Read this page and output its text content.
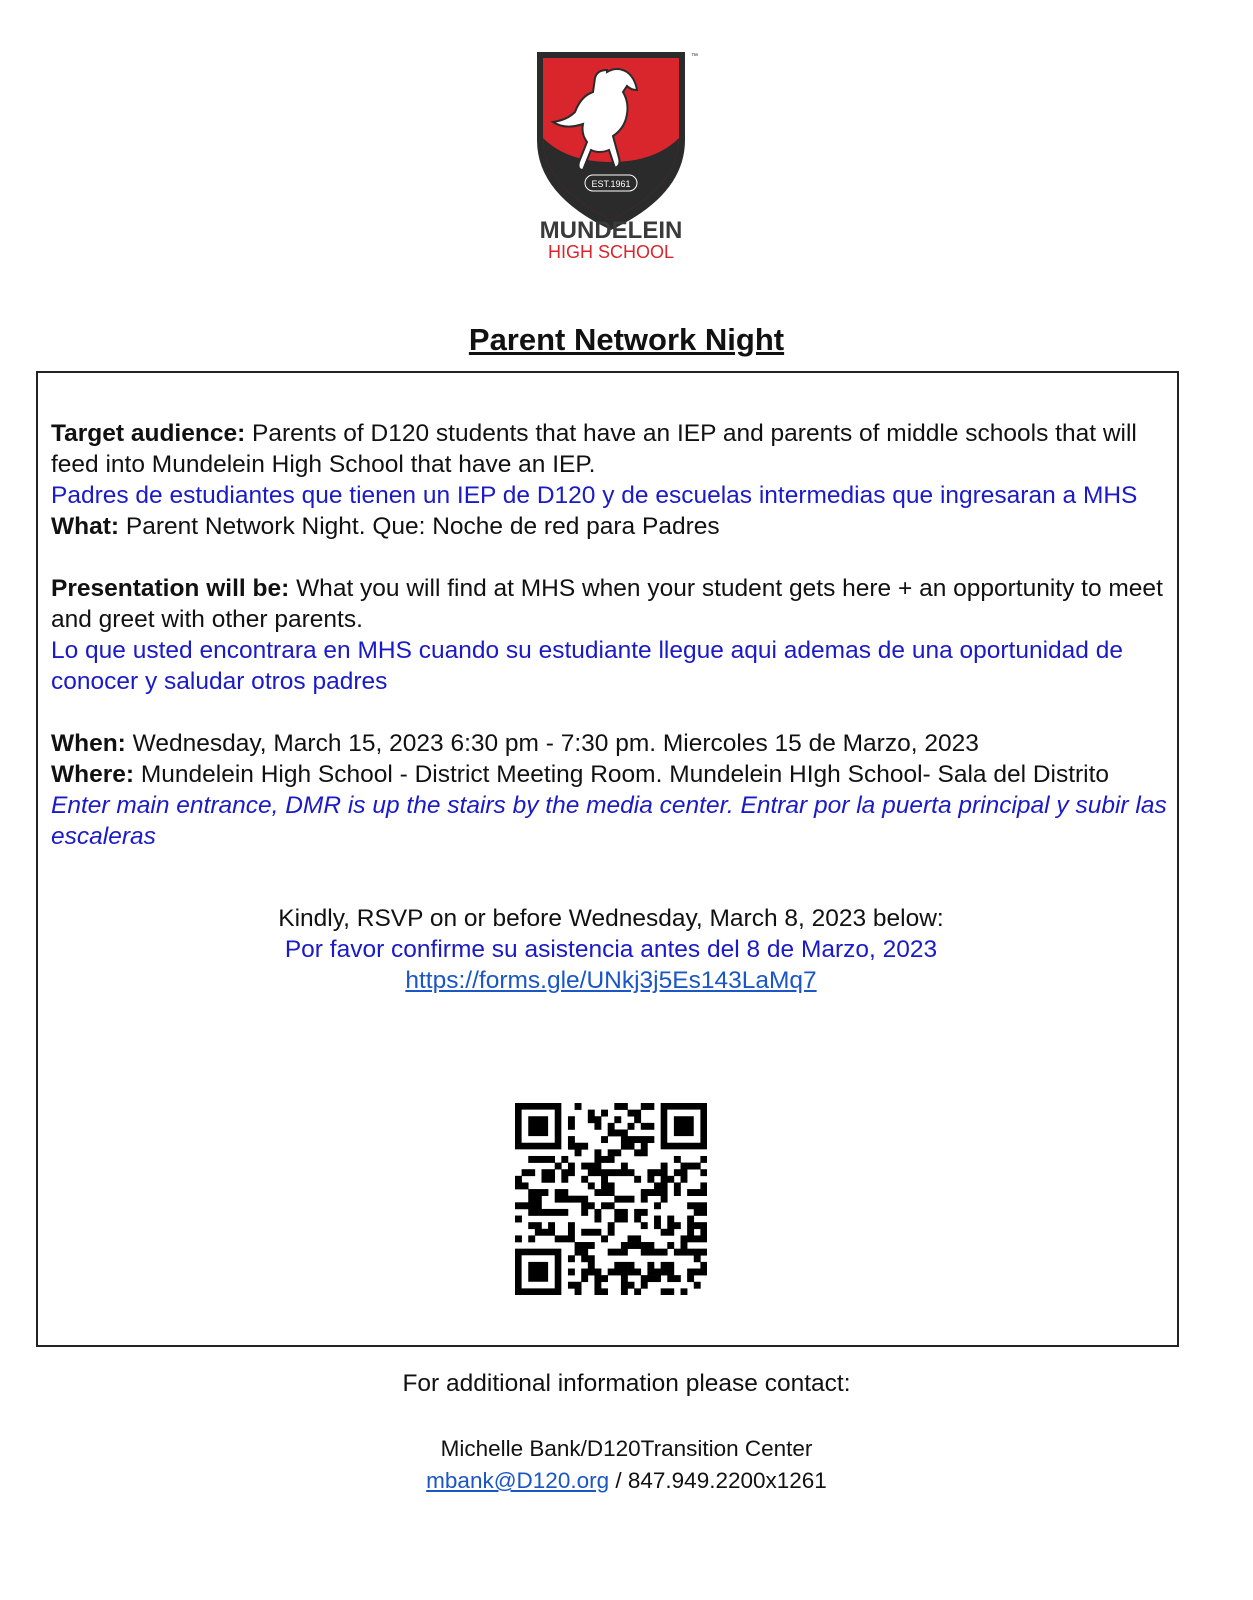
EST.1961
™
MUNDELEIN
HIGH SCHOOL
Parent Network Night

Target audience: Parents of D120 students that have an IEP and parents of middle schools that will feed into Mundelein High School that have an IEP.

Padres de estudiantes que tienen un IEP de D120 y de escuelas intermedias que ingresaran a MHS

What: Parent Network Night. Que: Noche de red para Padres

Presentation will be: What you will find at MHS when your student gets here + an opportunity to meet and greet with other parents.

Lo que usted encontrara en MHS cuando su estudiante llegue aqui ademas de una oportunidad de conocer y saludar otros padres

When: Wednesday, March 15, 2023 6:30 pm - 7:30 pm. Miercoles 15 de Marzo, 2023

Where: Mundelein High School - District Meeting Room. Mundelein HIgh School- Sala del Distrito

Enter main entrance, DMR is up the stairs by the media center. Entrar por la puerta principal y subir las escaleras

Kindly, RSVP on or before Wednesday, March 8, 2023 below:

Por favor confirme su asistencia antes del 8 de Marzo, 2023

https://forms.gle/UNkj3j5Es143LaMq7

For additional information please contact:
Michelle Bank/D120Transition Center
mbank@D120.org / 847.949.2200x1261
